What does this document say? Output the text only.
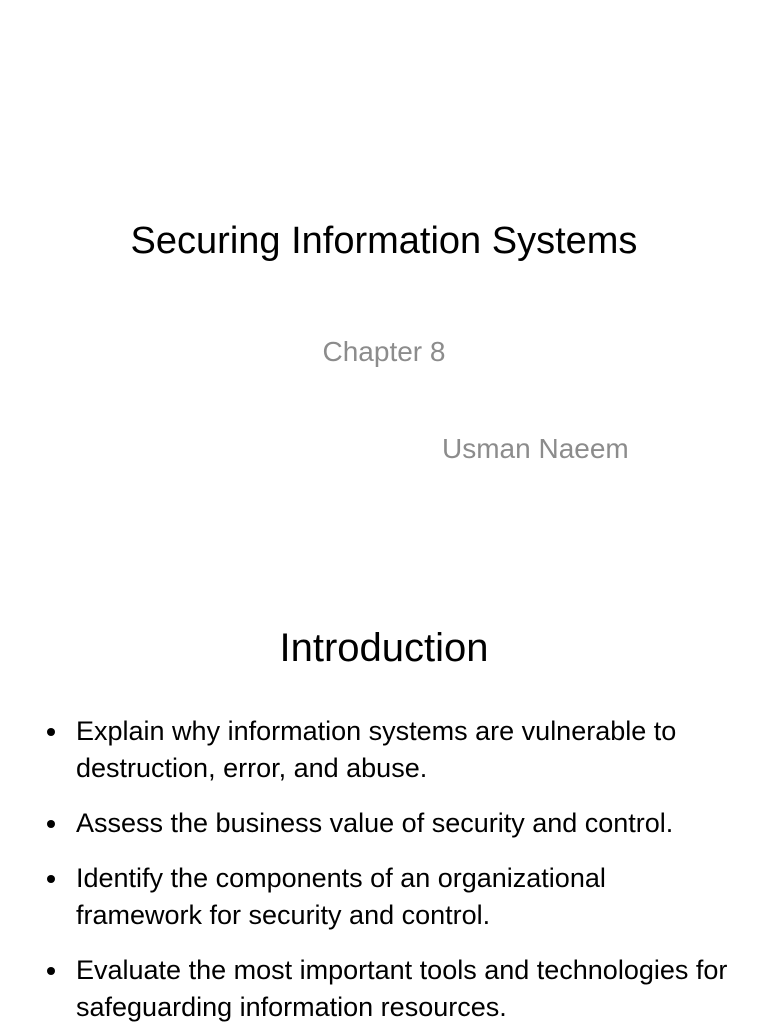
Securing Information Systems
Chapter 8
Usman Naeem
Introduction
Explain why information systems are vulnerable to destruction, error, and abuse.
Assess the business value of security and control.
Identify the components of an organizational framework for security and control.
Evaluate the most important tools and technologies for safeguarding information resources.
